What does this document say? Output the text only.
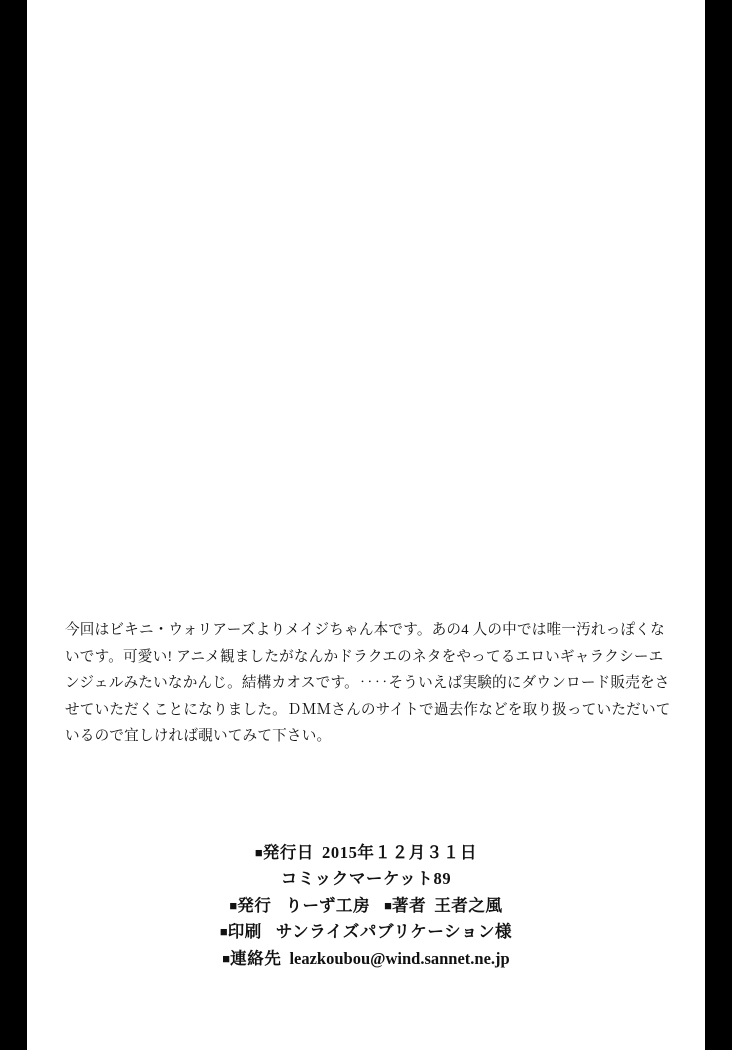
今回はビキニ・ウォリアーズよりメイジちゃん本です。あの4 人の中では唯一汚れっぽくないです。可愛い! アニメ観ましたがなんかドラクエのネタをやってるエロいギャラクシーエンジェルみたいなかんじ。結構カオスです。‥‥そういえば実験的にダウンロード販売をさせていただくことになりました。ＤＭＭさんのサイトで過去作などを取り扱っていただいているので宜しければ覗いてみて下さい。

■発行日 2015年１２月３１日
コミックマーケット89
■発行 りーず工房 ■著者 王者之風
■印刷 サンライズパブリケーション様
■連絡先 leazkoubou@wind.sannet.ne.jp
